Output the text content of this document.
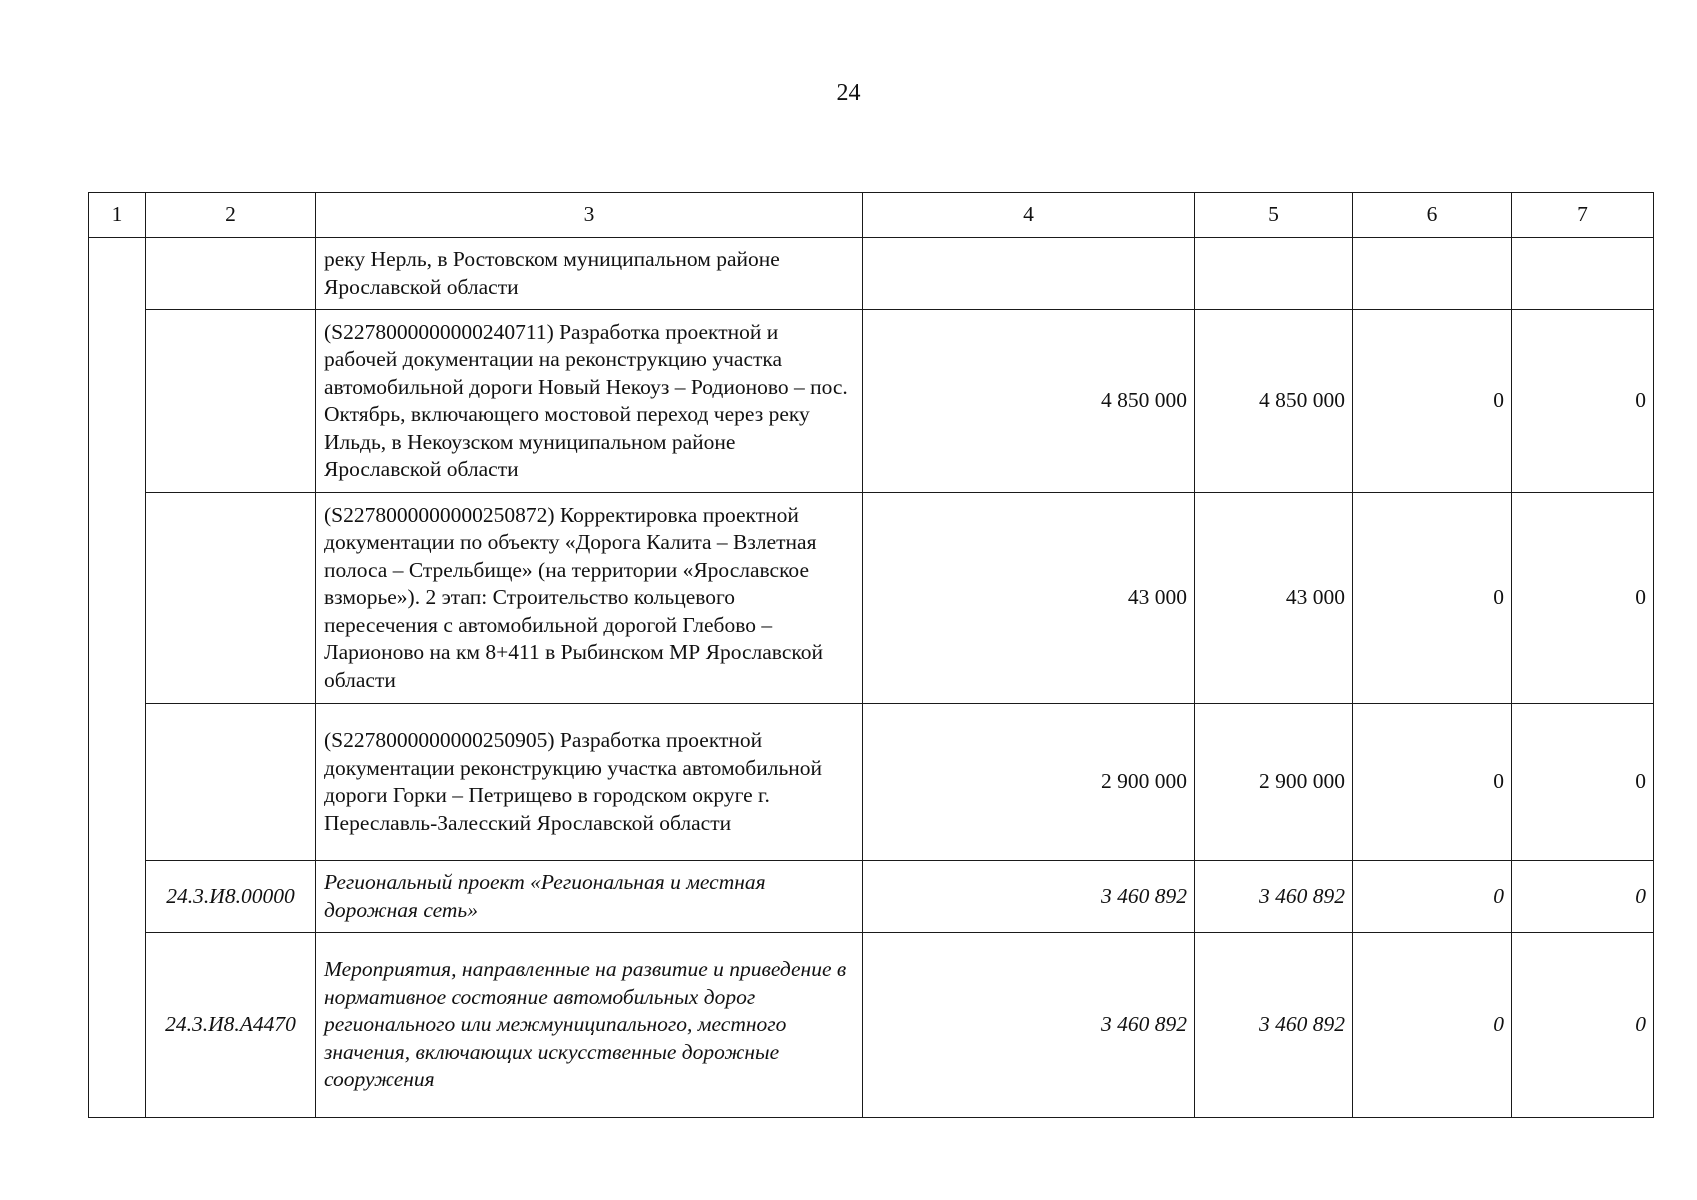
24
1	2	3	4	5	6	7
		реку Нерль, в Ростовском муниципальном районе Ярославской области				
		(S2278000000000240711) Разработка проектной и рабочей документации на реконструкцию участка автомобильной дороги Новый Некоуз – Родионово – пос. Октябрь, включающего мостовой переход через реку Ильдь, в Некоузском муниципальном районе Ярославской области	4 850 000	4 850 000	0	0
		(S2278000000000250872) Корректировка проектной документации по объекту «Дорога Калита – Взлетная полоса – Стрельбище» (на территории «Ярославское взморье»). 2 этап: Строительство кольцевого пересечения с автомобильной дорогой Глебово – Ларионово на км 8+411 в Рыбинском МР Ярославской области	43 000	43 000	0	0
		(S2278000000000250905) Разработка проектной документации реконструкцию участка автомобильной дороги Горки – Петрищево в городском округе г. Переславль-Залесский Ярославской области	2 900 000	2 900 000	0	0
	24.3.И8.00000	Региональный проект «Региональная и местная дорожная сеть»	3 460 892	3 460 892	0	0
	24.3.И8.А4470	Мероприятия, направленные на развитие и приведение в нормативное состояние автомобильных дорог регионального или межмуниципального, местного значения, включающих искусственные дорожные сооружения	3 460 892	3 460 892	0	0
